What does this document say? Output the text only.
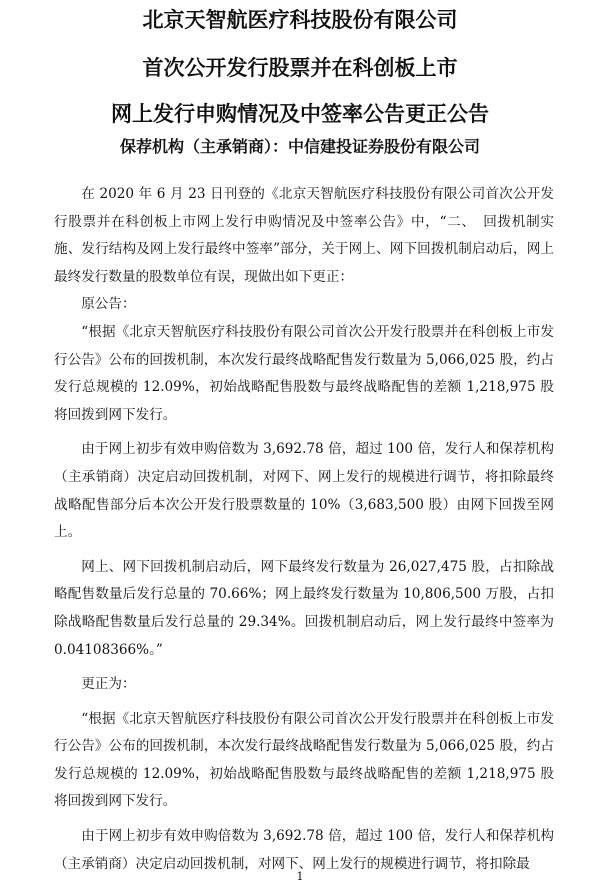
北京天智航医疗科技股份有限公司
首次公开发行股票并在科创板上市
网上发行申购情况及中签率公告更正公告
保荐机构（主承销商）：中信建投证券股份有限公司

在 2020 年 6 月 23 日刊登的《北京天智航医疗科技股份有限公司首次公开发行股票并在科创板上市网上发行申购情况及中签率公告》中，“二、　回拨机制实施、发行结构及网上发行最终中签率”部分，关于网上、网下回拨机制启动后，网上最终发行数量的股数单位有误，现做出如下更正：

原公告：

“根据《北京天智航医疗科技股份有限公司首次公开发行股票并在科创板上市发行公告》公布的回拨机制，本次发行最终战略配售发行数量为 5,066,025 股，约占发行总规模的 12.09%，初始战略配售股数与最终战略配售的差额 1,218,975 股将回拨到网下发行。

由于网上初步有效申购倍数为 3,692.78 倍，超过 100 倍，发行人和保荐机构（主承销商）决定启动回拨机制，对网下、网上发行的规模进行调节，将扣除最终战略配售部分后本次公开发行股票数量的 10%（3,683,500 股）由网下回拨至网上。

网上、网下回拨机制启动后，网下最终发行数量为 26,027,475 股，占扣除战略配售数量后发行总量的 70.66%；网上最终发行数量为 10,806,500 万股，占扣除战略配售数量后发行总量的 29.34%。回拨机制启动后，网上发行最终中签率为 0.04108366%。”

更正为：

“根据《北京天智航医疗科技股份有限公司首次公开发行股票并在科创板上市发行公告》公布的回拨机制，本次发行最终战略配售发行数量为 5,066,025 股，约占发行总规模的 12.09%，初始战略配售股数与最终战略配售的差额 1,218,975 股将回拨到网下发行。

由于网上初步有效申购倍数为 3,692.78 倍，超过 100 倍，发行人和保荐机构（主承销商）决定启动回拨机制，对网下、网上发行的规模进行调节，将扣除最

1
